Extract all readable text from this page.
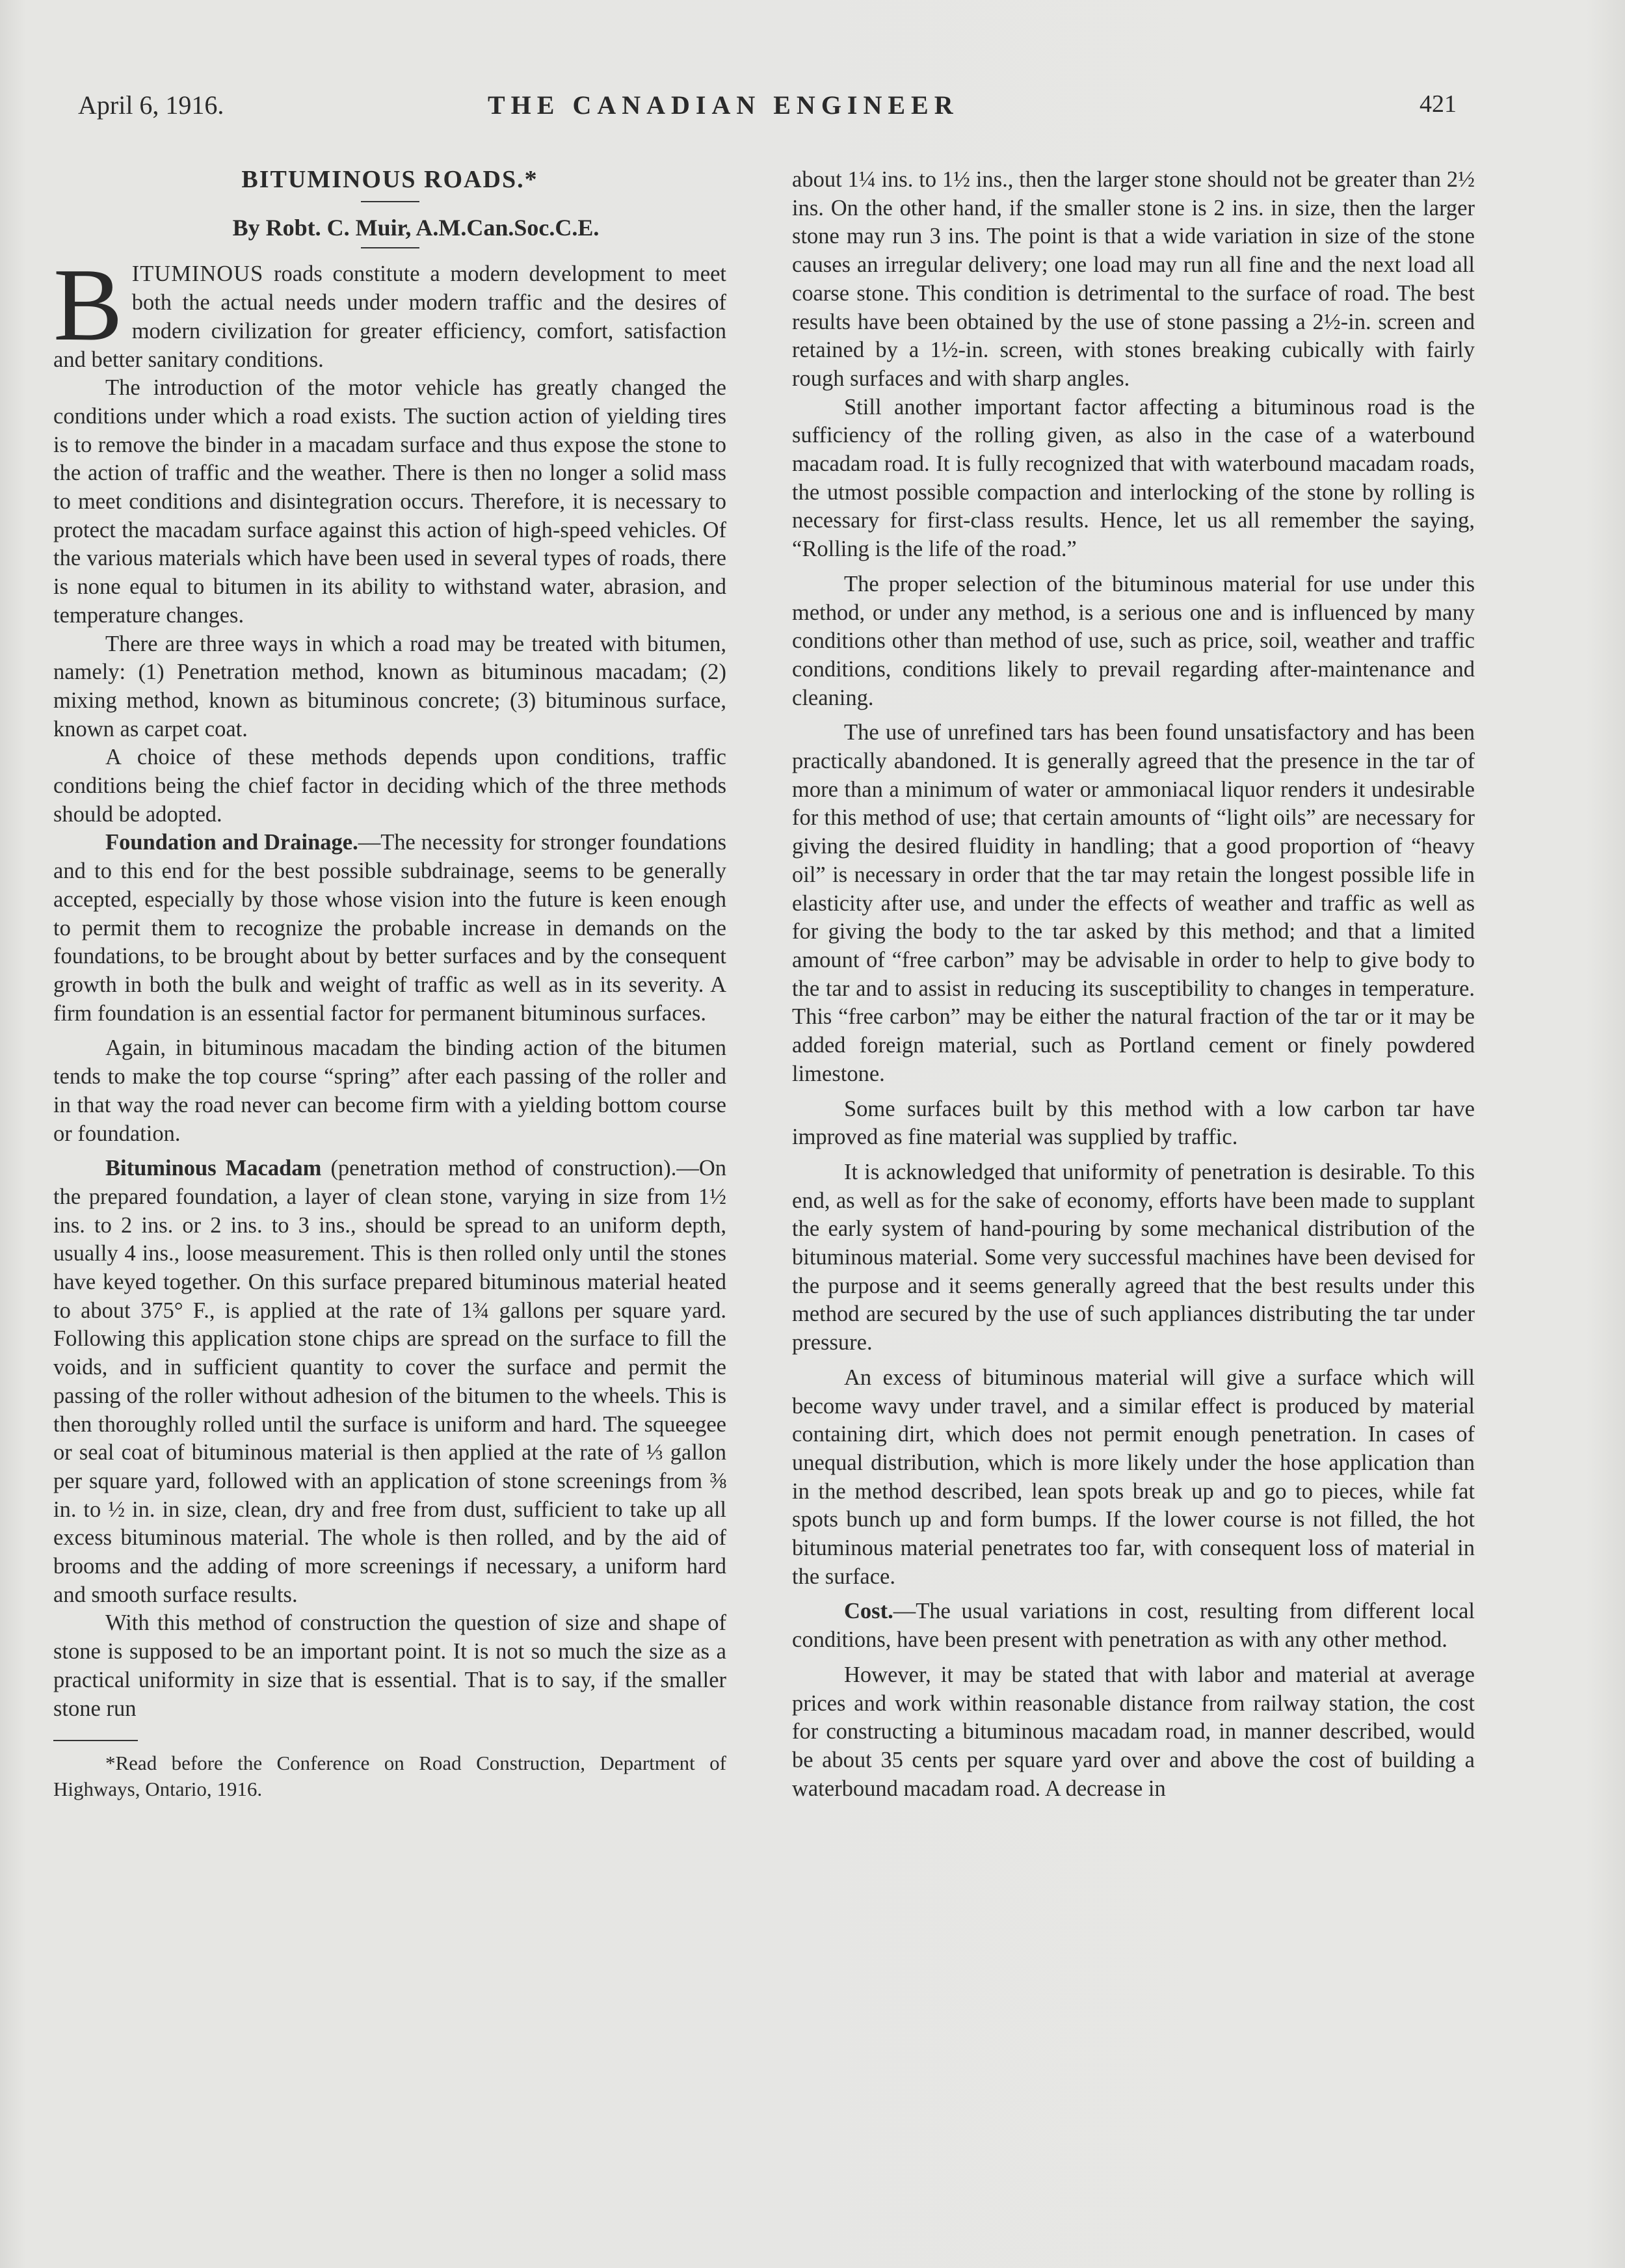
April 6, 1916.	THE CANADIAN ENGINEER	421
BITUMINOUS ROADS.*

By Robt. C. Muir, A.M.Can.Soc.C.E.

BITUMINOUS roads constitute a modern development to meet both the actual needs under modern traffic and the desires of modern civilization for greater efficiency, comfort, satisfaction and better sanitary conditions.

The introduction of the motor vehicle has greatly changed the conditions under which a road exists. The suction action of yielding tires is to remove the binder in a macadam surface and thus expose the stone to the action of traffic and the weather. There is then no longer a solid mass to meet conditions and disintegration occurs. Therefore, it is necessary to protect the macadam surface against this action of high-speed vehicles. Of the various materials which have been used in several types of roads, there is none equal to bitumen in its ability to withstand water, abrasion, and temperature changes.

There are three ways in which a road may be treated with bitumen, namely: (1) Penetration method, known as bituminous macadam; (2) mixing method, known as bituminous concrete; (3) bituminous surface, known as carpet coat.

A choice of these methods depends upon conditions, traffic conditions being the chief factor in deciding which of the three methods should be adopted.

Foundation and Drainage.—The necessity for stronger foundations and to this end for the best possible subdrainage, seems to be generally accepted, especially by those whose vision into the future is keen enough to permit them to recognize the probable increase in demands on the foundations, to be brought about by better surfaces and by the consequent growth in both the bulk and weight of traffic as well as in its severity. A firm foundation is an essential factor for permanent bituminous surfaces.

Again, in bituminous macadam the binding action of the bitumen tends to make the top course “spring” after each passing of the roller and in that way the road never can become firm with a yielding bottom course or foundation.

Bituminous Macadam (penetration method of construction).—On the prepared foundation, a layer of clean stone, varying in size from 1½ ins. to 2 ins. or 2 ins. to 3 ins., should be spread to an uniform depth, usually 4 ins., loose measurement. This is then rolled only until the stones have keyed together. On this surface prepared bituminous material heated to about 375° F., is applied at the rate of 1¾ gallons per square yard. Following this application stone chips are spread on the surface to fill the voids, and in sufficient quantity to cover the surface and permit the passing of the roller without adhesion of the bitumen to the wheels. This is then thoroughly rolled until the surface is uniform and hard. The squeegee or seal coat of bituminous material is then applied at the rate of ⅓ gallon per square yard, followed with an application of stone screenings from ⅜ in. to ½ in. in size, clean, dry and free from dust, sufficient to take up all excess bituminous material. The whole is then rolled, and by the aid of brooms and the adding of more screenings if necessary, a uniform hard and smooth surface results.

With this method of construction the question of size and shape of stone is supposed to be an important point. It is not so much the size as a practical uniformity in size that is essential. That is to say, if the smaller stone run

*Read before the Conference on Road Construction, Department of Highways, Ontario, 1916.

about 1¼ ins. to 1½ ins., then the larger stone should not be greater than 2½ ins. On the other hand, if the smaller stone is 2 ins. in size, then the larger stone may run 3 ins. The point is that a wide variation in size of the stone causes an irregular delivery; one load may run all fine and the next load all coarse stone. This condition is detrimental to the surface of road. The best results have been obtained by the use of stone passing a 2½-in. screen and retained by a 1½-in. screen, with stones breaking cubically with fairly rough surfaces and with sharp angles.

Still another important factor affecting a bituminous road is the sufficiency of the rolling given, as also in the case of a waterbound macadam road. It is fully recognized that with waterbound macadam roads, the utmost possible compaction and interlocking of the stone by rolling is necessary for first-class results. Hence, let us all remember the saying, “Rolling is the life of the road.”

The proper selection of the bituminous material for use under this method, or under any method, is a serious one and is influenced by many conditions other than method of use, such as price, soil, weather and traffic conditions, conditions likely to prevail regarding after-maintenance and cleaning.

The use of unrefined tars has been found unsatisfactory and has been practically abandoned. It is generally agreed that the presence in the tar of more than a minimum of water or ammoniacal liquor renders it undesirable for this method of use; that certain amounts of “light oils” are necessary for giving the desired fluidity in handling; that a good proportion of “heavy oil” is necessary in order that the tar may retain the longest possible life in elasticity after use, and under the effects of weather and traffic as well as for giving the body to the tar asked by this method; and that a limited amount of “free carbon” may be advisable in order to help to give body to the tar and to assist in reducing its susceptibility to changes in temperature. This “free carbon” may be either the natural fraction of the tar or it may be added foreign material, such as Portland cement or finely powdered limestone.

Some surfaces built by this method with a low carbon tar have improved as fine material was supplied by traffic.

It is acknowledged that uniformity of penetration is desirable. To this end, as well as for the sake of economy, efforts have been made to supplant the early system of hand-pouring by some mechanical distribution of the bituminous material. Some very successful machines have been devised for the purpose and it seems generally agreed that the best results under this method are secured by the use of such appliances distributing the tar under pressure.

An excess of bituminous material will give a surface which will become wavy under travel, and a similar effect is produced by material containing dirt, which does not permit enough penetration. In cases of unequal distribution, which is more likely under the hose application than in the method described, lean spots break up and go to pieces, while fat spots bunch up and form bumps. If the lower course is not filled, the hot bituminous material penetrates too far, with consequent loss of material in the surface.

Cost.—The usual variations in cost, resulting from different local conditions, have been present with penetration as with any other method.

However, it may be stated that with labor and material at average prices and work within reasonable distance from railway station, the cost for constructing a bituminous macadam road, in manner described, would be about 35 cents per square yard over and above the cost of building a waterbound macadam road. A decrease in
